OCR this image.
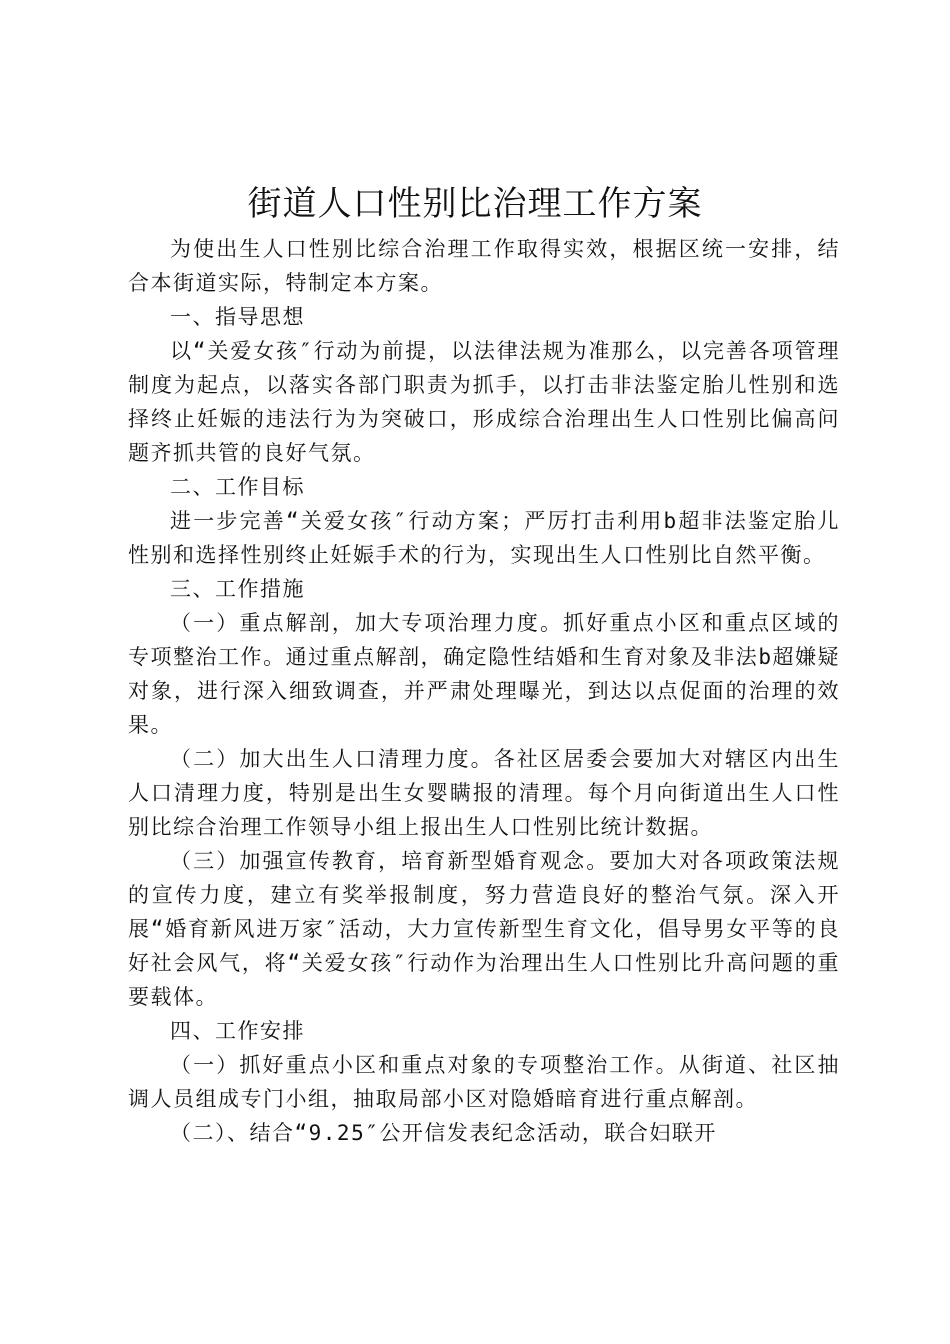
街道人口性别比治理工作方案

为使出生人口性别比综合治理工作取得实效，根据区统一安排，结合本街道实际，特制定本方案。

一、指导思想

以“关爱女孩″行动为前提，以法律法规为准那么，以完善各项管理制度为起点，以落实各部门职责为抓手，以打击非法鉴定胎儿性别和选择终止妊娠的违法行为为突破口，形成综合治理出生人口性别比偏高问题齐抓共管的良好气氛。

二、工作目标

进一步完善“关爱女孩″行动方案；严厉打击利用b超非法鉴定胎儿性别和选择性别终止妊娠手术的行为，实现出生人口性别比自然平衡。

三、工作措施

（一）重点解剖，加大专项治理力度。抓好重点小区和重点区域的专项整治工作。通过重点解剖，确定隐性结婚和生育对象及非法b超嫌疑对象，进行深入细致调查，并严肃处理曝光，到达以点促面的治理的效果。

（二）加大出生人口清理力度。各社区居委会要加大对辖区内出生人口清理力度，特别是出生女婴瞒报的清理。每个月向街道出生人口性别比综合治理工作领导小组上报出生人口性别比统计数据。

（三）加强宣传教育，培育新型婚育观念。要加大对各项政策法规的宣传力度，建立有奖举报制度，努力营造良好的整治气氛。深入开展“婚育新风进万家″活动，大力宣传新型生育文化，倡导男女平等的良好社会风气，将“关爱女孩″行动作为治理出生人口性别比升高问题的重要载体。

四、工作安排

（一）抓好重点小区和重点对象的专项整治工作。从街道、社区抽调人员组成专门小组，抽取局部小区对隐婚暗育进行重点解剖。

（二）、结合“9.25″公开信发表纪念活动，联合妇联开
